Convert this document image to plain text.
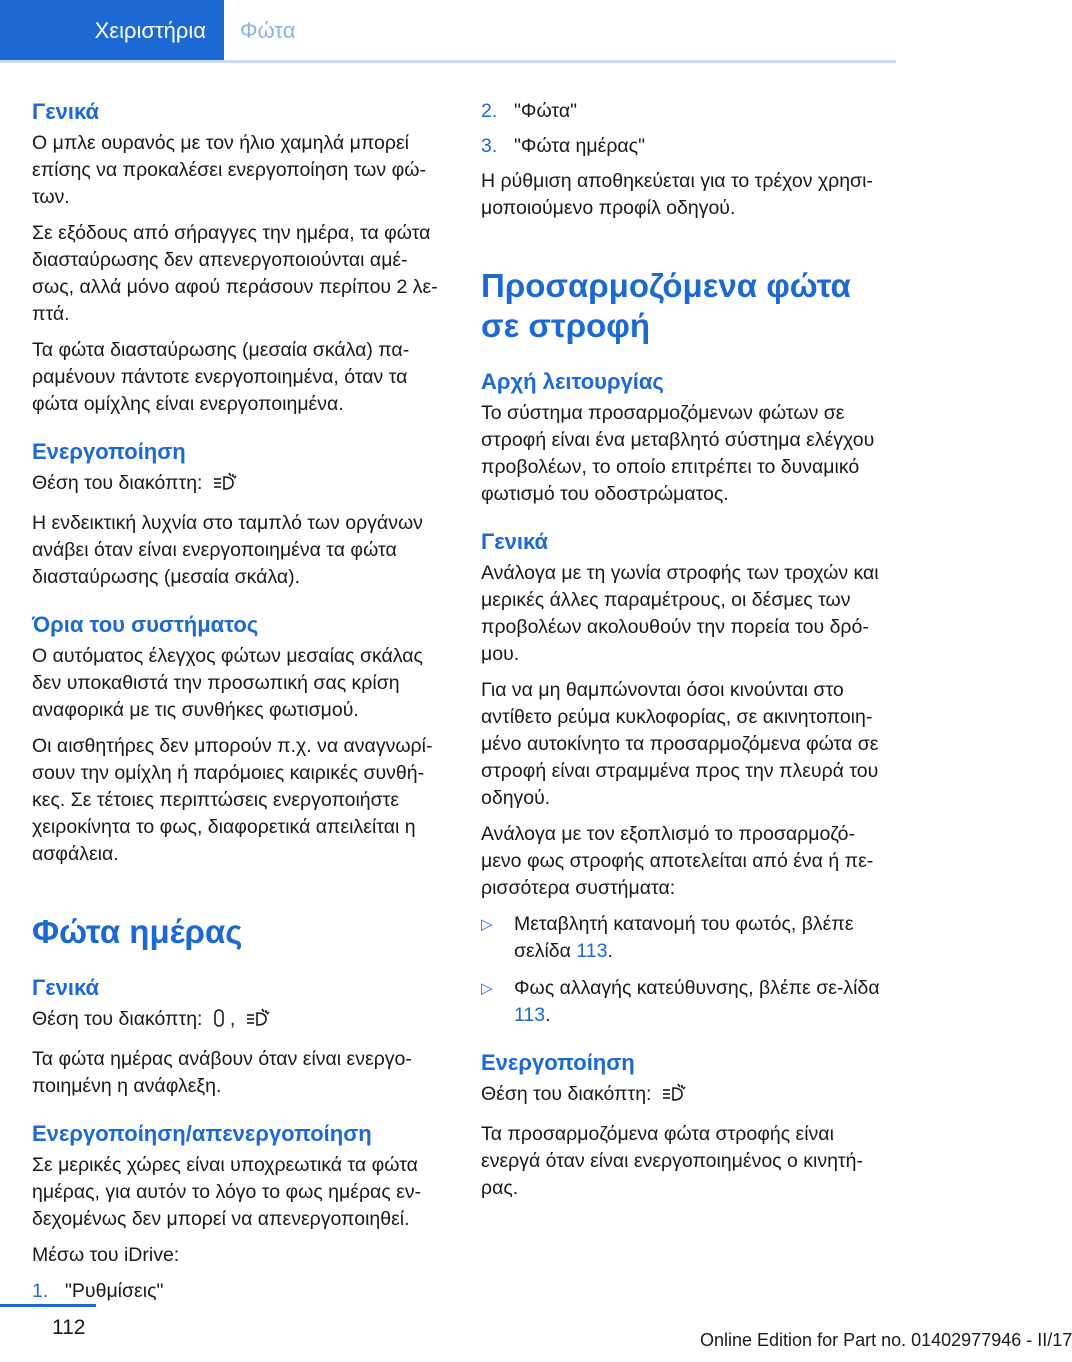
Χειριστήρια	Φώτα
Γενικά

Ο μπλε ουρανός με τον ήλιο χαμηλά μπορεί επίσης να προκαλέσει ενεργοποίηση των φώ-των.

Σε εξόδους από σήραγγες την ημέρα, τα φώτα διασταύρωσης δεν απενεργοποιούνται αμέ-σως, αλλά μόνο αφού περάσουν περίπου 2 λε-πτά.

Τα φώτα διασταύρωσης (μεσαία σκάλα) πα-ραμένουν πάντοτε ενεργοποιημένα, όταν τα φώτα ομίχλης είναι ενεργοποιημένα.

Ενεργοποίηση

Θέση του διακόπτη:

Η ενδεικτική λυχνία στο ταμπλό των οργάνων ανάβει όταν είναι ενεργοποιημένα τα φώτα διασταύρωσης (μεσαία σκάλα).

Όρια του συστήματος

Ο αυτόματος έλεγχος φώτων μεσαίας σκάλας δεν υποκαθιστά την προσωπική σας κρίση αναφορικά με τις συνθήκες φωτισμού.

Οι αισθητήρες δεν μπορούν π.χ. να αναγνωρί-σουν την ομίχλη ή παρόμοιες καιρικές συνθή-κες. Σε τέτοιες περιπτώσεις ενεργοποιήστε χειροκίνητα το φως, διαφορετικά απειλείται η ασφάλεια.

Φώτα ημέρας
Γενικά

Θέση του διακόπτη: ,

Τα φώτα ημέρας ανάβουν όταν είναι ενεργο-ποιημένη η ανάφλεξη.

Ενεργοποίηση/απενεργοποίηση

Σε μερικές χώρες είναι υποχρεωτικά τα φώτα ημέρας, για αυτόν το λόγο το φως ημέρας εν-δεχομένως δεν μπορεί να απενεργοποιηθεί.

Μέσω του iDrive:

1. "Ρυθμίσεις"
2. "Φώτα"
3. "Φώτα ημέρας"

Η ρύθμιση αποθηκεύεται για το τρέχον χρησι-μοποιούμενο προφίλ οδηγού.

Προσαρμοζόμενα φώτα σε στροφή
Αρχή λειτουργίας

Το σύστημα προσαρμοζόμενων φώτων σε στροφή είναι ένα μεταβλητό σύστημα ελέγχου προβολέων, το οποίο επιτρέπει το δυναμικό φωτισμό του οδοστρώματος.

Γενικά

Ανάλογα με τη γωνία στροφής των τροχών και μερικές άλλες παραμέτρους, οι δέσμες των προβολέων ακολουθούν την πορεία του δρό-μου.

Για να μη θαμπώνονται όσοι κινούνται στο αντίθετο ρεύμα κυκλοφορίας, σε ακινητοποιη-μένο αυτοκίνητο τα προσαρμοζόμενα φώτα σε στροφή είναι στραμμένα προς την πλευρά του οδηγού.

Ανάλογα με τον εξοπλισμό το προσαρμοζό-μενο φως στροφής αποτελείται από ένα ή πε-ρισσότερα συστήματα:

▷	Μεταβλητή κατανομή του φωτός, βλέπε σελίδα 113.
▷	Φως αλλαγής κατεύθυνσης, βλέπε σε-λίδα 113.
Ενεργοποίηση

Θέση του διακόπτη:

Τα προσαρμοζόμενα φώτα στροφής είναι ενεργά όταν είναι ενεργοποιημένος ο κινητή-ρας.

112
Online Edition for Part no. 01402977946 - II/17
